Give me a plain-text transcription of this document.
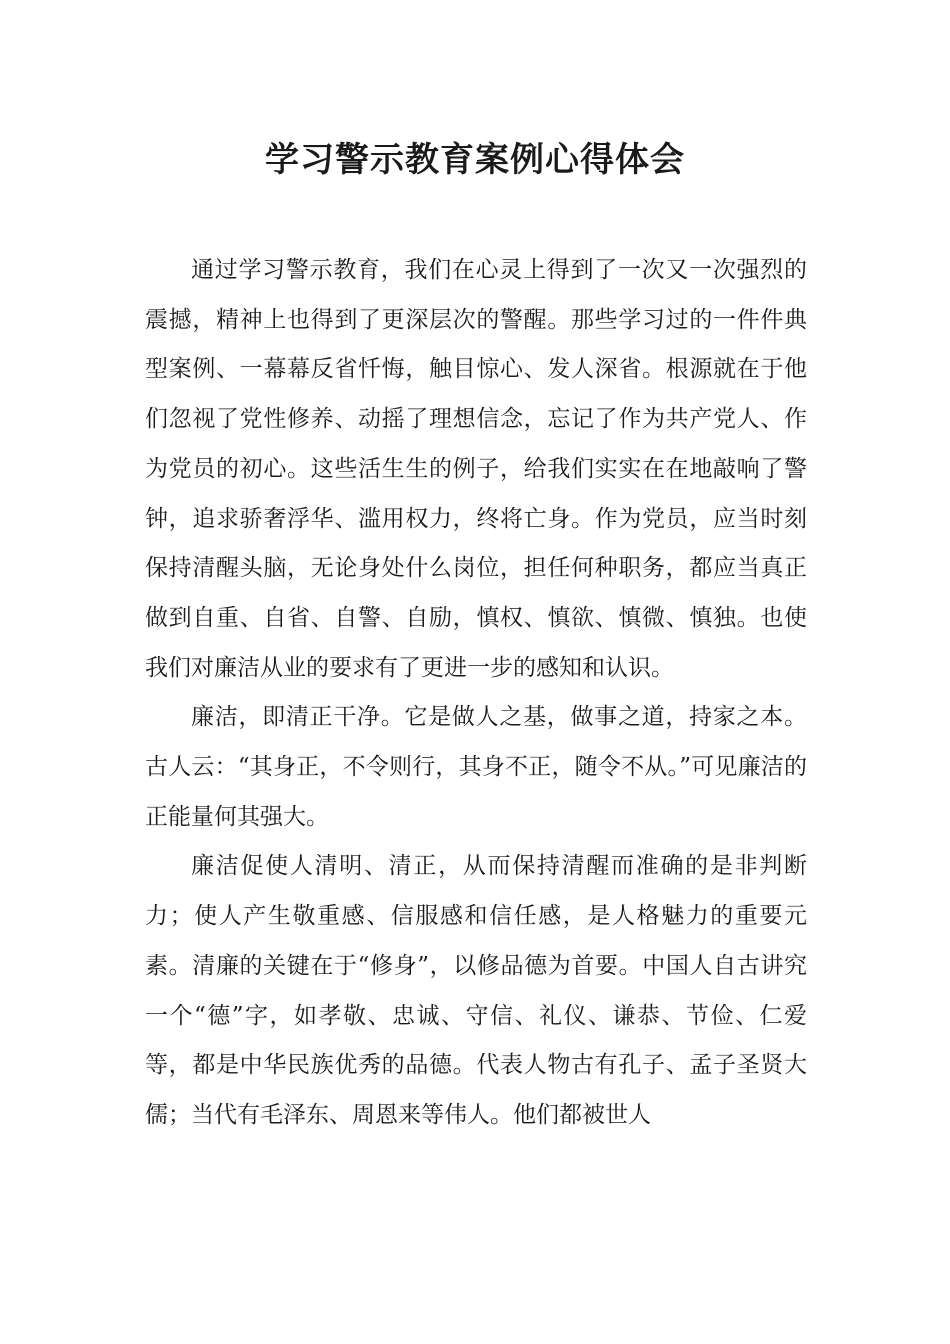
学习警示教育案例心得体会

通过学习警示教育，我们在心灵上得到了一次又一次强烈的震撼，精神上也得到了更深层次的警醒。那些学习过的一件件典型案例、一幕幕反省忏悔，触目惊心、发人深省。根源就在于他们忽视了党性修养、动摇了理想信念，忘记了作为共产党人、作为党员的初心。这些活生生的例子，给我们实实在在地敲响了警钟，追求骄奢浮华、滥用权力，终将亡身。作为党员，应当时刻保持清醒头脑，无论身处什么岗位，担任何种职务，都应当真正做到自重、自省、自警、自励，慎权、慎欲、慎微、慎独。也使我们对廉洁从业的要求有了更进一步的感知和认识。

廉洁，即清正干净。它是做人之基，做事之道，持家之本。古人云：“其身正，不令则行，其身不正，随令不从。”可见廉洁的正能量何其强大。

廉洁促使人清明、清正，从而保持清醒而准确的是非判断力；使人产生敬重感、信服感和信任感，是人格魅力的重要元素。清廉的关键在于“修身”，以修品德为首要。中国人自古讲究一个“德”字，如孝敬、忠诚、守信、礼仪、谦恭、节俭、仁爱等，都是中华民族优秀的品德。代表人物古有孔子、孟子圣贤大儒；当代有毛泽东、周恩来等伟人。他们都被世人
